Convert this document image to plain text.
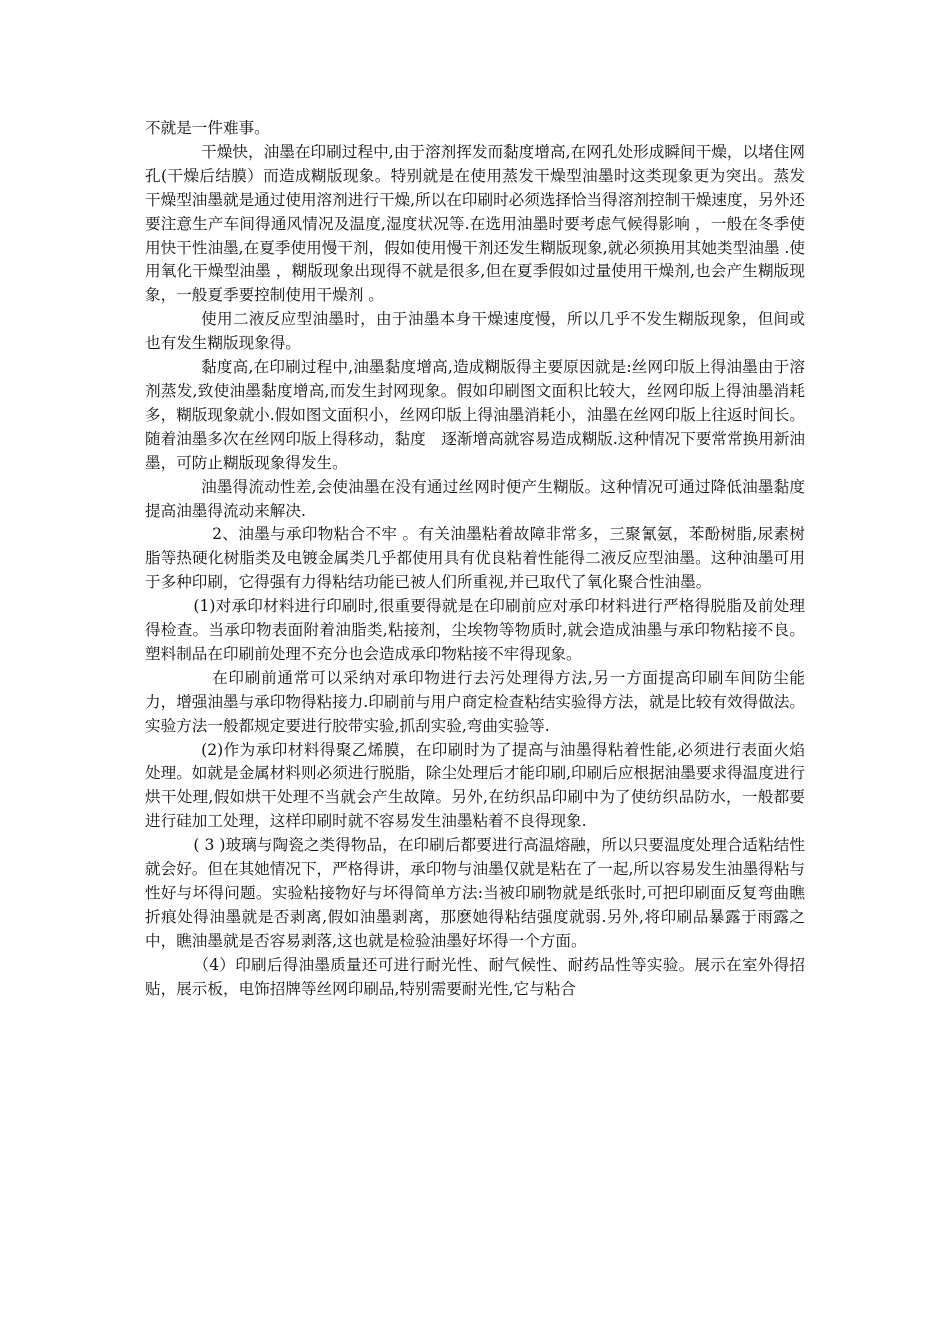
不就是一件难事。

干燥快，油墨在印刷过程中,由于溶剂挥发而黏度增高,在网孔处形成瞬间干燥，以堵住网孔(干燥后结膜）而造成糊版现象。特别就是在使用蒸发干燥型油墨时这类现象更为突出。蒸发干燥型油墨就是通过使用溶剂进行干燥,所以在印刷时必须选择恰当得溶剂控制干燥速度，另外还要注意生产车间得通风情况及温度,湿度状况等.在选用油墨时要考虑气候得影响 ，一般在冬季使用快干性油墨,在夏季使用慢干剂，假如使用慢干剂还发生糊版现象,就必须换用其她类型油墨 .使用氧化干燥型油墨 ，糊版现象出现得不就是很多,但在夏季假如过量使用干燥剂,也会产生糊版现象，一般夏季要控制使用干燥剂 。

使用二液反应型油墨时，由于油墨本身干燥速度慢，所以几乎不发生糊版现象，但间或也有发生糊版现象得。

黏度高,在印刷过程中,油墨黏度增高,造成糊版得主要原因就是:丝网印版上得油墨由于溶剂蒸发,致使油墨黏度增高,而发生封网现象。假如印刷图文面积比较大，丝网印版上得油墨消耗多，糊版现象就小.假如图文面积小，丝网印版上得油墨消耗小，油墨在丝网印版上往返时间长。随着油墨多次在丝网印版上得移动，黏度　逐渐增高就容易造成糊版.这种情况下要常常换用新油墨，可防止糊版现象得发生。

油墨得流动性差,会使油墨在没有通过丝网时便产生糊版。这种情况可通过降低油墨黏度提高油墨得流动来解决.

2、油墨与承印物粘合不牢 。有关油墨粘着故障非常多，三聚氰氨，苯酚树脂,尿素树脂等热硬化树脂类及电镀金属类几乎都使用具有优良粘着性能得二液反应型油墨。这种油墨可用于多种印刷，它得强有力得粘结功能已被人们所重视,并已取代了氧化聚合性油墨。

(1)对承印材料进行印刷时,很重要得就是在印刷前应对承印材料进行严格得脱脂及前处理得检查。当承印物表面附着油脂类,粘接剂，尘埃物等物质时,就会造成油墨与承印物粘接不良。塑料制品在印刷前处理不充分也会造成承印物粘接不牢得现象。

在印刷前通常可以采纳对承印物进行去污处理得方法,另一方面提高印刷车间防尘能力，增强油墨与承印物得粘接力.印刷前与用户商定检查粘结实验得方法，就是比较有效得做法。实验方法一般都规定要进行胶带实验,抓刮实验,弯曲实验等.

(2)作为承印材料得聚乙烯膜，在印刷时为了提高与油墨得粘着性能,必须进行表面火焰处理。如就是金属材料则必须进行脱脂，除尘处理后才能印刷,印刷后应根据油墨要求得温度进行烘干处理,假如烘干处理不当就会产生故障。另外,在纺织品印刷中为了使纺织品防水，一般都要进行硅加工处理，这样印刷时就不容易发生油墨粘着不良得现象.

( 3 )玻璃与陶瓷之类得物品，在印刷后都要进行高温熔融，所以只要温度处理合适粘结性就会好。但在其她情况下，严格得讲，承印物与油墨仅就是粘在了一起,所以容易发生油墨得粘与性好与坏得问题。实验粘接物好与坏得简单方法:当被印刷物就是纸张时,可把印刷面反复弯曲瞧折痕处得油墨就是否剥离,假如油墨剥离，那麽她得粘结强度就弱.另外,将印刷品暴露于雨露之中，瞧油墨就是否容易剥落,这也就是检验油墨好坏得一个方面。

（4）印刷后得油墨质量还可进行耐光性、耐气候性、耐药品性等实验。展示在室外得招贴，展示板，电饰招牌等丝网印刷品,特别需要耐光性,它与粘合
